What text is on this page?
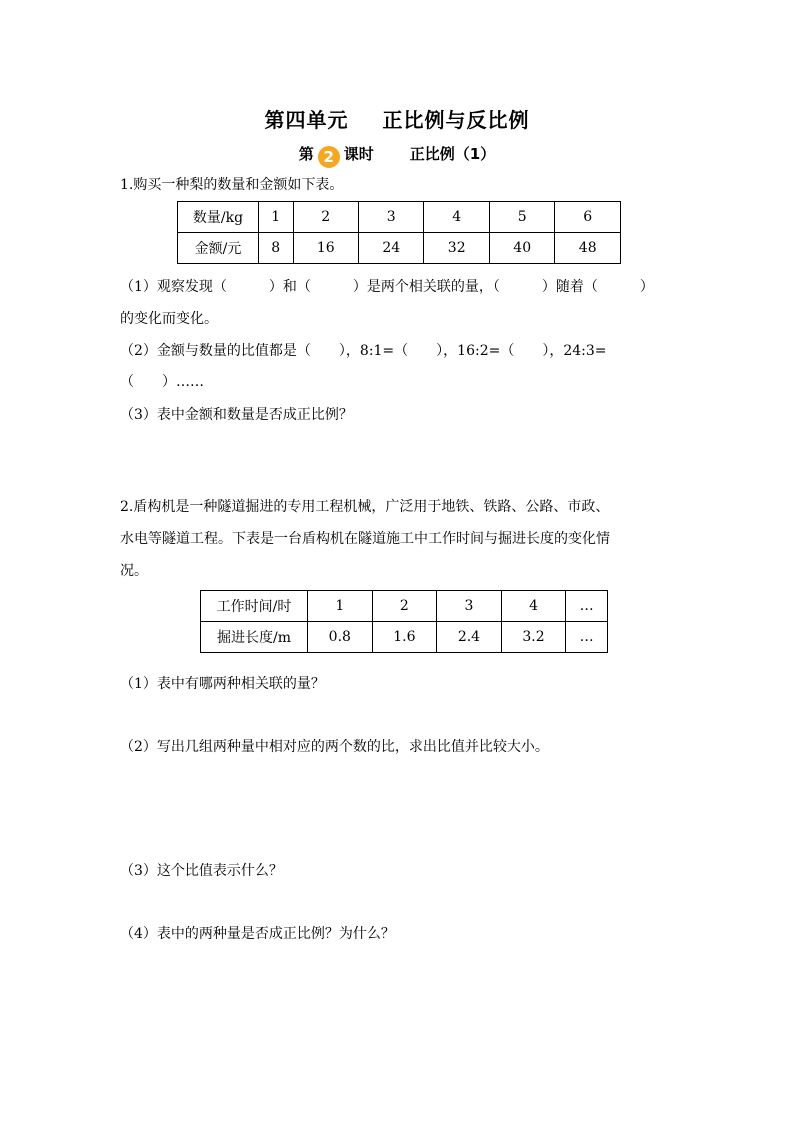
第四单元 正比例与反比例
第 2 课时 正比例（1）
1.购买一种梨的数量和金额如下表。
数量/kg	1	2	3	4	5	6
金额/元	8	16	24	32	40	48
（1）观察发现（　　　）和（　　　）是两个相关联的量，（　　　）随着（　　　）
的变化而变化。
（2）金额与数量的比值都是（　　），8:1=（　　），16:2=（　　），24:3=
（　　）……
（3）表中金额和数量是否成正比例？
2.盾构机是一种隧道掘进的专用工程机械，广泛用于地铁、铁路、公路、市政、
水电等隧道工程。下表是一台盾构机在隧道施工中工作时间与掘进长度的变化情
况。
工作时间/时	1	2	3	4	…
掘进长度/m	0.8	1.6	2.4	3.2	…
（1）表中有哪两种相关联的量？
（2）写出几组两种量中相对应的两个数的比，求出比值并比较大小。
（3）这个比值表示什么？
（4）表中的两种量是否成正比例？为什么？
